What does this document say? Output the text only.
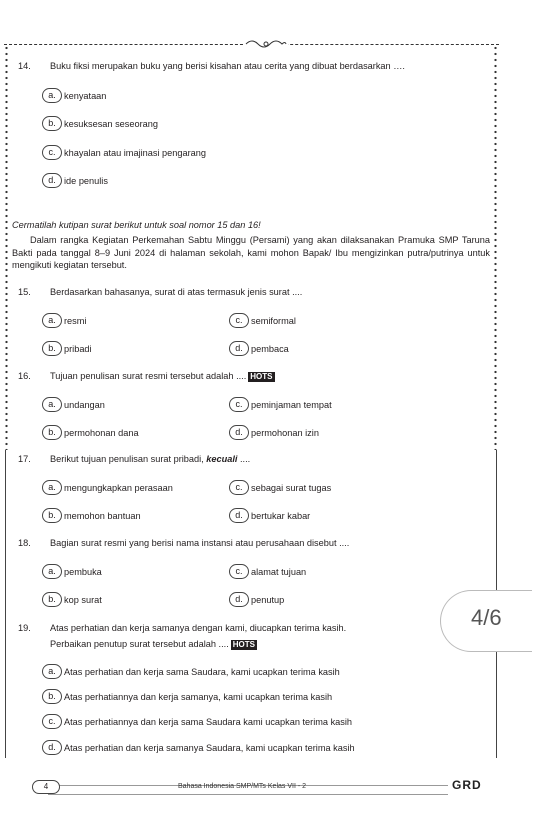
14. Buku fiksi merupakan buku yang berisi kisahan atau cerita yang dibuat berdasarkan ….
a. kenyataan
b. kesuksesan seseorang
c. khayalan atau imajinasi pengarang
d. ide penulis
Cermatilah kutipan surat berikut untuk soal nomor 15 dan 16!
Dalam rangka Kegiatan Perkemahan Sabtu Minggu (Persami) yang akan dilaksanakan Pramuka SMP Taruna Bakti pada tanggal 8–9 Juni 2024 di halaman sekolah, kami mohon Bapak/ Ibu mengizinkan putra/putrinya untuk mengikuti kegiatan tersebut.
15. Berdasarkan bahasanya, surat di atas termasuk jenis surat ....
a. resmi
b. pribadi
c. semiformal
d. pembaca
16. Tujuan penulisan surat resmi tersebut adalah .... HOTS
a. undangan
b. permohonan dana
c. peminjaman tempat
d. permohonan izin
17. Berikut tujuan penulisan surat pribadi, kecuali ....
a. mengungkapkan perasaan
b. memohon bantuan
c. sebagai surat tugas
d. bertukar kabar
18. Bagian surat resmi yang berisi nama instansi atau perusahaan disebut ....
a. pembuka
b. kop surat
c. alamat tujuan
d. penutup
19. Atas perhatian dan kerja samanya dengan kami, diucapkan terima kasih.
Perbaikan penutup surat tersebut adalah .... HOTS
a. Atas perhatian dan kerja sama Saudara, kami ucapkan terima kasih
b. Atas perhatiannya dan kerja samanya, kami ucapkan terima kasih
c. Atas perhatiannya dan kerja sama Saudara kami ucapkan terima kasih
d. Atas perhatian dan kerja samanya Saudara, kami ucapkan terima kasih
4/6
4	Bahasa Indonesia SMP/MTs Kelas VII - 2	GRD
